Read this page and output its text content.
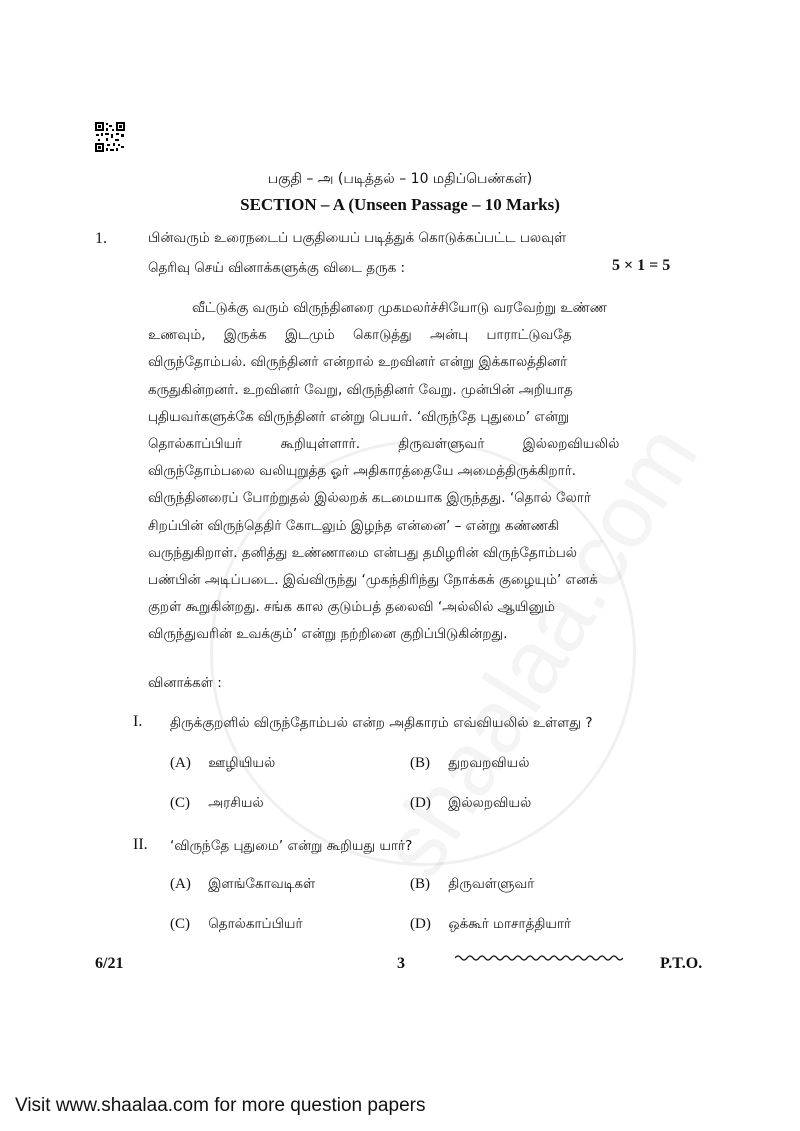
பகுதி – அ (படித்தல் – 10 மதிப்பெண்கள்)
SECTION – A (Unseen Passage – 10 Marks)
1.	பின்வரும் உரைநடைப் பகுதியைப் படித்துக் கொடுக்கப்பட்ட பலவுள்
தெரிவு செய் வினாக்களுக்கு விடை தருக :	5 × 1 = 5
வீட்டுக்கு வரும் விருந்தினரை முகமலர்ச்சியோடு வரவேற்று உண்ண
உணவும், இருக்க இடமும் கொடுத்து அன்பு பாராட்டுவதே
விருந்தோம்பல். விருந்தினர் என்றால் உறவினர் என்று இக்காலத்தினர்
கருதுகின்றனர். உறவினர் வேறு, விருந்தினர் வேறு. முன்பின் அறியாத
புதியவர்களுக்கே விருந்தினர் என்று பெயர். ‘விருந்தே புதுமை’ என்று
தொல்காப்பியர் கூறியுள்ளார். திருவள்ளுவர் இல்லறவியலில்
விருந்தோம்பலை வலியுறுத்த ஓர் அதிகாரத்தையே அமைத்திருக்கிறார்.
விருந்தினரைப் போற்றுதல் இல்லறக் கடமையாக இருந்தது. ‘தொல் லோர்
சிறப்பின் விருந்தெதிர் கோடலும் இழந்த என்னை’ – என்று கண்ணகி
வருந்துகிறாள். தனித்து உண்ணாமை என்பது தமிழரின் விருந்தோம்பல்
பண்பின் அடிப்படை. இவ்விருந்து ‘முகந்திரிந்து நோக்கக் குழையும்’ எனக்
குறள் கூறுகின்றது. சங்க கால குடும்பத் தலைவி ‘அல்லில் ஆயினும்
விருந்துவரின் உவக்கும்’ என்று நற்றினை குறிப்பிடுகின்றது.
வினாக்கள் :
I. திருக்குறளில் விருந்தோம்பல் என்ற அதிகாரம் எவ்வியலில் உள்ளது ?
(A) ஊழியியல்	(B) துறவறவியல்
(C) அரசியல்	(D) இல்லறவியல்
II. ‘விருந்தே புதுமை’ என்று கூறியது யார்?
(A) இளங்கோவடிகள்	(B) திருவள்ளுவர்
(C) தொல்காப்பியர்	(D) ஒக்கூர் மாசாத்தியார்
6/21	3	P.T.O.
Visit www.shaalaa.com for more question papers
